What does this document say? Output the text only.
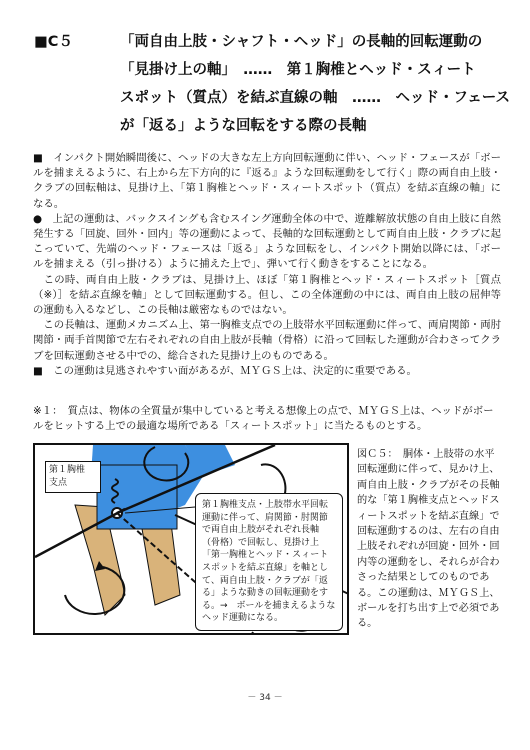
■C５	「両自由上肢・シャフト・ヘッド」の長軸的回転運動の
「見掛け上の軸」　……　第１胸椎とヘッド・スィート
スポット（質点）を結ぶ直線の軸　……　ヘッド・フェース
が「返る」ような回転をする際の長軸

■　インパクト開始瞬間後に、ヘッドの大きな左上方向回転運動に伴い、ヘッド・フェースが「ボールを捕まえるように、右上から左下方向的に『返る』ような回転運動をして行く」際の両自由上肢・クラブの回転軸は、見掛け上、「第１胸椎とヘッド・スィートスポット（質点）を結ぶ直線の軸」になる。

●　上記の運動は、バックスイングも含むスイング運動全体の中で、遊離解放状態の自由上肢に自然発生する「回旋、回外・回内」等の運動によって、長軸的な回転運動として両自由上肢・クラブに起こっていて、先端のヘッド・フェースは「返る」ような回転をし、インパクト開始以降には、「ボールを捕まえる（引っ掛ける）ように捕えた上で」、弾いて行く動きをすることになる。

　この時、両自由上肢・クラブは、見掛け上、ほぼ「第１胸椎とヘッド・スィートスポット［質点（※）］を結ぶ直線を軸」として回転運動する。但し、この全体運動の中には、両自由上肢の屈伸等の運動も入るなどし、この長軸は厳密なものではない。

　この長軸は、運動メカニズム上、第一胸椎支点での上肢帯水平回転運動に伴って、両肩関節・両肘関節・両手首関節で左右それぞれの自由上肢が長軸（骨格）に沿って回転した運動が合わさってクラブを回転運動させる中での、総合された見掛け上のものである。

■　この運動は見逃されやすい面があるが、ＭＹＧＳ上は、決定的に重要である。

※１：　質点は、物体の全質量が集中していると考える想像上の点で、ＭＹＧＳ上は、ヘッドがボールをヒットする上での最適な場所である「スィートスポット」に当たるものとする。
第１胸椎
支点
第１胸椎支点・上肢帯水平回転運動に伴って、肩関節・肘関節で両自由上肢がそれぞれ長軸（骨格）で回転し、見掛け上「第一胸椎とヘッド・スィートスポットを結ぶ直線」を軸として、両自由上肢・クラブが「返る」ような動きの回転運動をする。→　ボールを捕まえるようなヘッド運動になる。
図Ｃ５：　胴体・上肢帯の水平回転運動に伴って、見かけ上、両自由上肢・クラブがその長軸的な「第１胸椎支点とヘッドスィートスポットを結ぶ直線」で回転運動するのは、左右の自由上肢それぞれが回旋・回外・回内等の運動をし、それらが合わさった結果としてのものである。この運動は、ＭＹＧＳ上、ボールを打ち出す上で必須である。
－ 34 －
